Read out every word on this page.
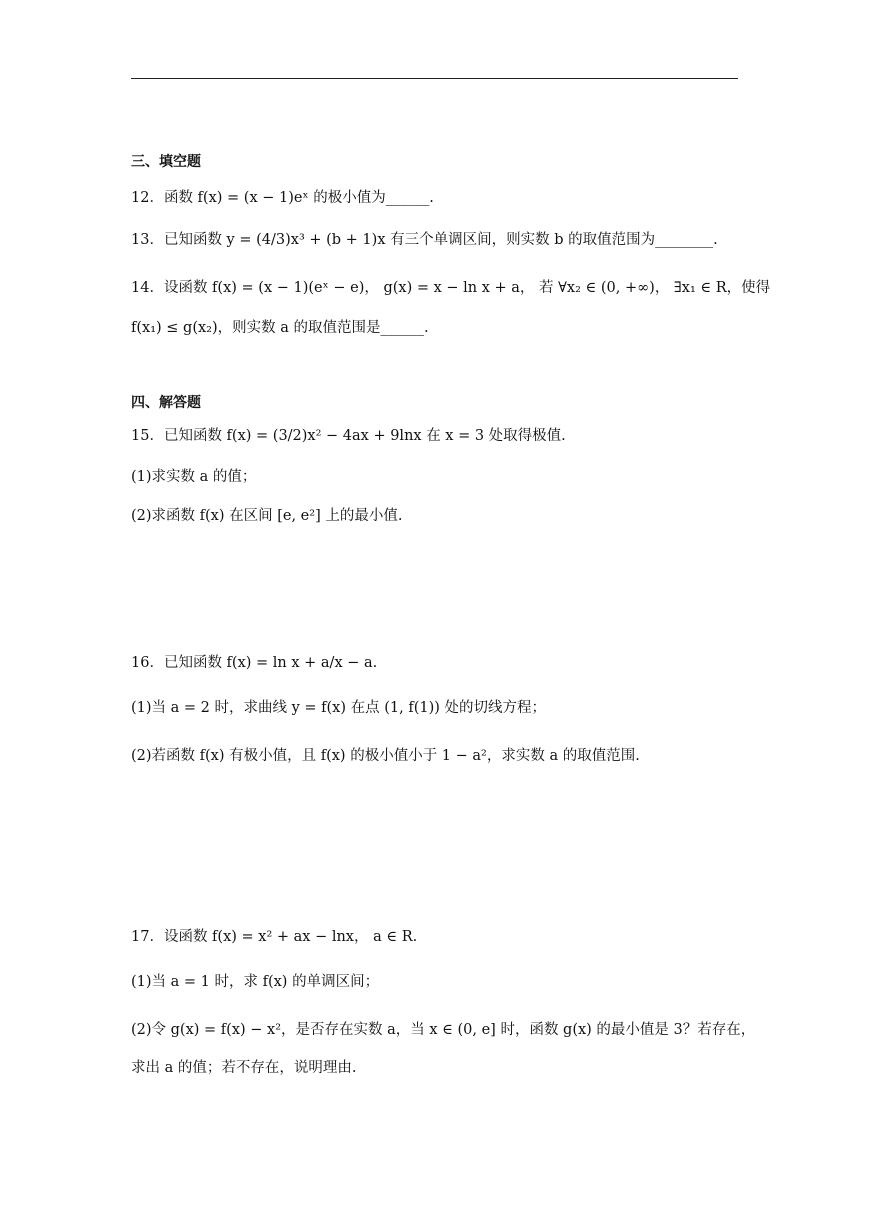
三、填空题
12．函数 f(x) = (x − 1)eˣ 的极小值为______.
13．已知函数 y = (4/3)x³ + (b + 1)x 有三个单调区间，则实数 b 的取值范围为________.
14．设函数 f(x) = (x − 1)(eˣ − e)， g(x) = x − ln x + a， 若 ∀x₂ ∈ (0, +∞)， ∃x₁ ∈ R，使得
f(x₁) ≤ g(x₂)，则实数 a 的取值范围是______.
四、解答题
15．已知函数 f(x) = (3/2)x² − 4ax + 9lnx 在 x = 3 处取得极值.
(1)求实数 a 的值；
(2)求函数 f(x) 在区间 [e, e²] 上的最小值.
16．已知函数 f(x) = ln x + a/x − a.
(1)当 a = 2 时，求曲线 y = f(x) 在点 (1, f(1)) 处的切线方程；
(2)若函数 f(x) 有极小值，且 f(x) 的极小值小于 1 − a²，求实数 a 的取值范围.
17．设函数 f(x) = x² + ax − lnx， a ∈ R.
(1)当 a = 1 时，求 f(x) 的单调区间；
(2)令 g(x) = f(x) − x²，是否存在实数 a，当 x ∈ (0, e] 时，函数 g(x) 的最小值是 3？若存在，
求出 a 的值；若不存在，说明理由.
